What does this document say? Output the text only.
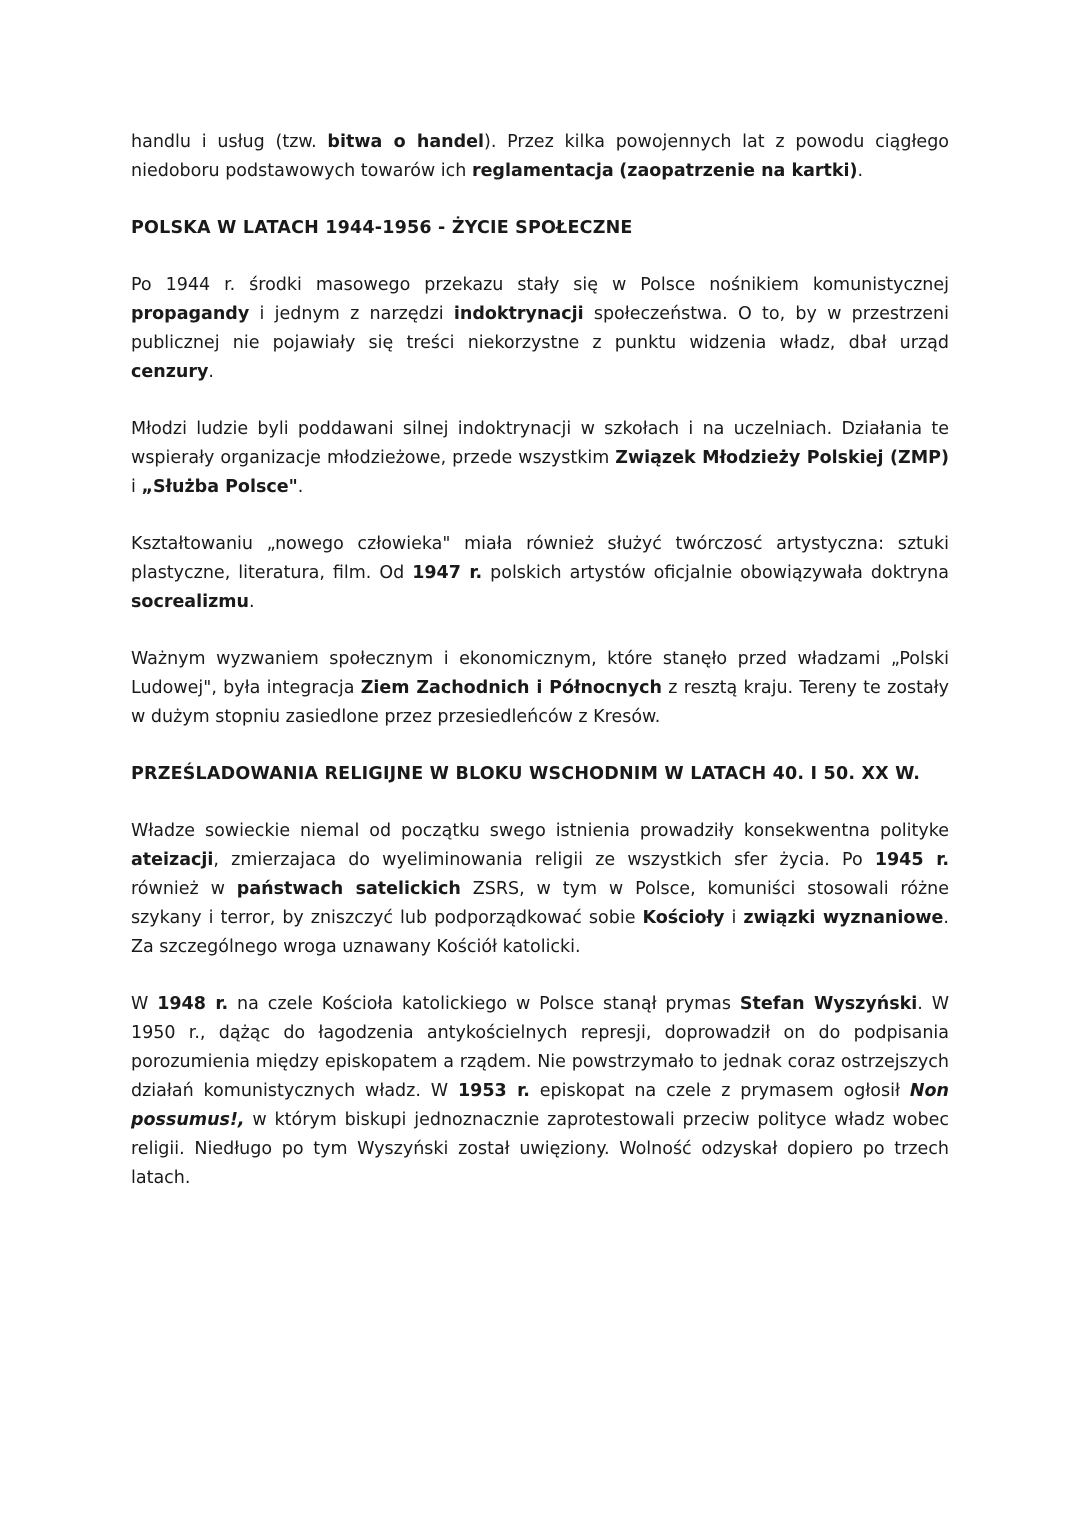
handlu i usług (tzw. bitwa o handel). Przez kilka powojennych lat z powodu ciągłego niedoboru podstawowych towarów ich reglamentacja (zaopatrzenie na kartki).

POLSKA W LATACH 1944-1956 - ŻYCIE SPOŁECZNE

Po 1944 r. środki masowego przekazu stały się w Polsce nośnikiem komunistycznej propagandy i jednym z narzędzi indoktrynacji społeczeństwa. O to, by w przestrzeni publicznej nie pojawiały się treści niekorzystne z punktu widzenia władz, dbał urząd cenzury.

Młodzi ludzie byli poddawani silnej indoktrynacji w szkołach i na uczelniach. Działania te wspierały organizacje młodzieżowe, przede wszystkim Związek Młodzieży Polskiej (ZMP) i „Służba Polsce".

Kształtowaniu „nowego człowieka" miała również służyć twórczosć artystyczna: sztuki plastyczne, literatura, film. Od 1947 r. polskich artystów oficjalnie obowiązywała doktryna socrealizmu.

Ważnym wyzwaniem społecznym i ekonomicznym, które stanęło przed władzami „Polski Ludowej", była integracja Ziem Zachodnich i Północnych z resztą kraju. Tereny te zostały w dużym stopniu zasiedlone przez przesiedleńców z Kresów.

PRZEŚLADOWANIA RELIGIJNE W BLOKU WSCHODNIM W LATACH 40. I 50. XX W.

Władze sowieckie niemal od początku swego istnienia prowadziły konsekwentna polityke ateizacji, zmierzajaca do wyeliminowania religii ze wszystkich sfer życia. Po 1945 r. również w państwach satelickich ZSRS, w tym w Polsce, komuniści stosowali różne szykany i terror, by zniszczyć lub podporządkować sobie Kościoły i związki wyznaniowe. Za szczególnego wroga uznawany Kościół katolicki.

W 1948 r. na czele Kościoła katolickiego w Polsce stanął prymas Stefan Wyszyński. W 1950 r., dążąc do łagodzenia antykościelnych represji, doprowadził on do podpisania porozumienia między episkopatem a rządem. Nie powstrzymało to jednak coraz ostrzejszych działań komunistycznych władz. W 1953 r. episkopat na czele z prymasem ogłosił Non possumus!, w którym biskupi jednoznacznie zaprotestowali przeciw polityce władz wobec religii. Niedługo po tym Wyszyński został uwięziony. Wolność odzyskał dopiero po trzech latach.
